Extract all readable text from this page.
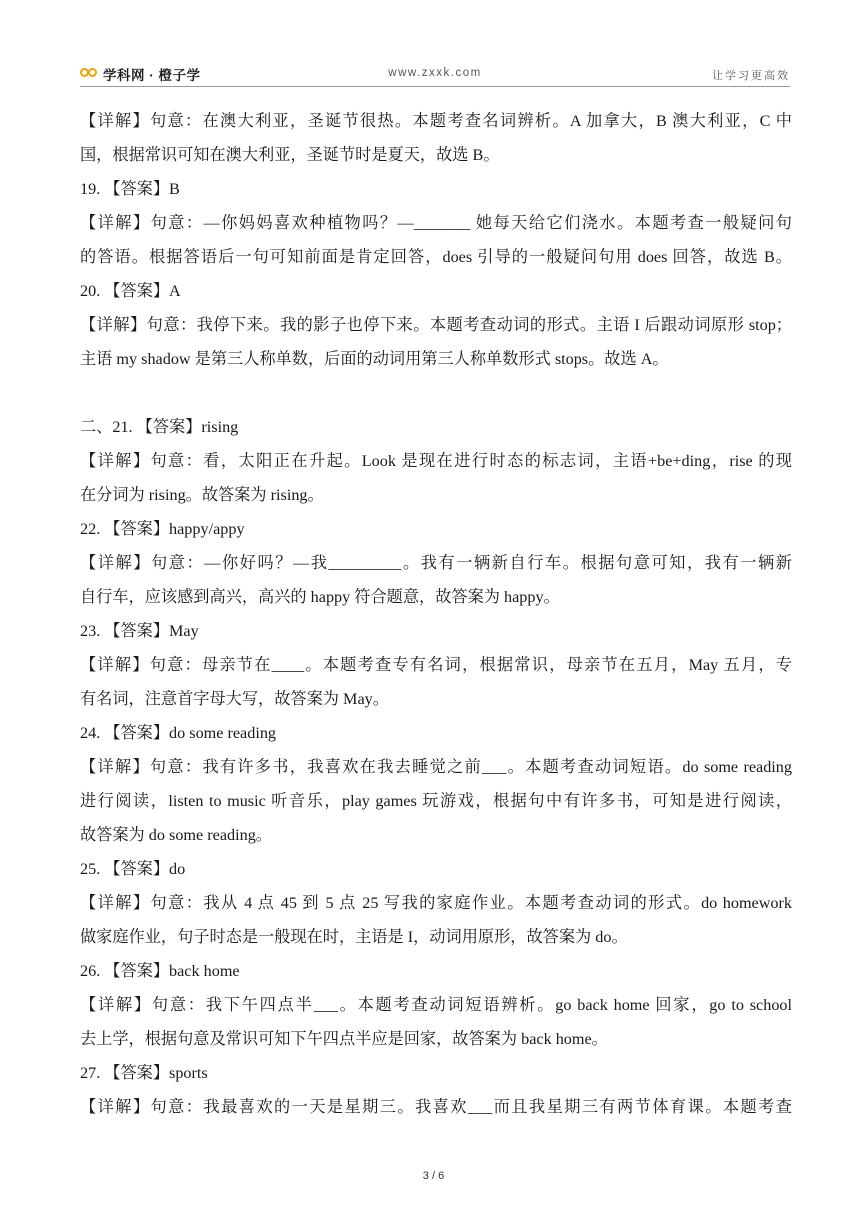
学科网 · 橙子学	www.zxxk.com	让学习更高效
【详解】句意：在澳大利亚，圣诞节很热。本题考查名词辨析。A 加拿大，B 澳大利亚，C 中
国，根据常识可知在澳大利亚，圣诞节时是夏天，故选 B。
19. 【答案】B
【详解】句意：—你妈妈喜欢种植物吗？—_______ 她每天给它们浇水。本题考查一般疑问句
的答语。根据答语后一句可知前面是肯定回答，does 引导的一般疑问句用 does 回答，故选 B。
20. 【答案】A
【详解】句意：我停下来。我的影子也停下来。本题考查动词的形式。主语 I 后跟动词原形 stop；
主语 my shadow 是第三人称单数，后面的动词用第三人称单数形式 stops。故选 A。
二、21. 【答案】rising
【详解】句意：看，太阳正在升起。Look 是现在进行时态的标志词，主语+be+ding，rise 的现
在分词为 rising。故答案为 rising。
22. 【答案】happy/appy
【详解】句意：—你好吗？—我_________。我有一辆新自行车。根据句意可知，我有一辆新
自行车，应该感到高兴，高兴的 happy 符合题意，故答案为 happy。
23. 【答案】May
【详解】句意：母亲节在____。本题考查专有名词，根据常识，母亲节在五月，May 五月，专
有名词，注意首字母大写，故答案为 May。
24. 【答案】do some reading
【详解】句意：我有许多书，我喜欢在我去睡觉之前___。本题考查动词短语。do some reading
进行阅读，listen to music 听音乐，play games 玩游戏，根据句中有许多书，可知是进行阅读，
故答案为 do some reading。
25. 【答案】do
【详解】句意：我从 4 点 45 到 5 点 25 写我的家庭作业。本题考查动词的形式。do homework
做家庭作业，句子时态是一般现在时，主语是 I，动词用原形，故答案为 do。
26. 【答案】back home
【详解】句意：我下午四点半___。本题考查动词短语辨析。go back home 回家，go to school
去上学，根据句意及常识可知下午四点半应是回家，故答案为 back home。
27. 【答案】sports
【详解】句意：我最喜欢的一天是星期三。我喜欢___而且我星期三有两节体育课。本题考查
3 / 6
